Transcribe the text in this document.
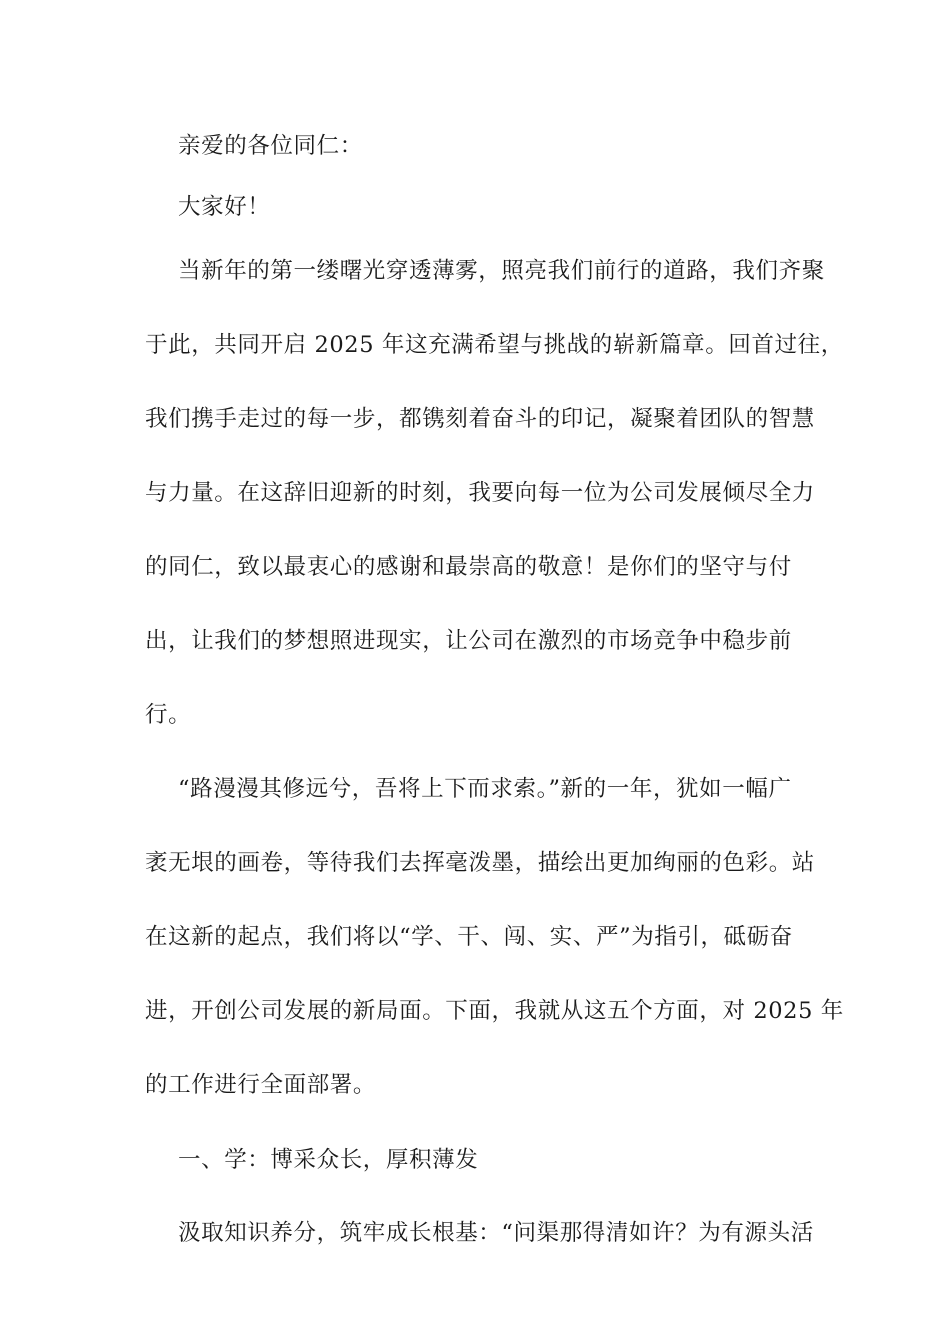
亲爱的各位同仁：
大家好！
当新年的第一缕曙光穿透薄雾，照亮我们前行的道路，我们齐聚
于此，共同开启 2025 年这充满希望与挑战的崭新篇章。回首过往，
我们携手走过的每一步，都镌刻着奋斗的印记，凝聚着团队的智慧
与力量。在这辞旧迎新的时刻，我要向每一位为公司发展倾尽全力
的同仁，致以最衷心的感谢和最崇高的敬意！是你们的坚守与付
出，让我们的梦想照进现实，让公司在激烈的市场竞争中稳步前
行。
“路漫漫其修远兮，吾将上下而求索。”新的一年，犹如一幅广
袤无垠的画卷，等待我们去挥毫泼墨，描绘出更加绚丽的色彩。站
在这新的起点，我们将以“学、干、闯、实、严”为指引，砥砺奋
进，开创公司发展的新局面。下面，我就从这五个方面，对 2025 年
的工作进行全面部署。
一、学：博采众长，厚积薄发
汲取知识养分，筑牢成长根基：“问渠那得清如许？为有源头活
